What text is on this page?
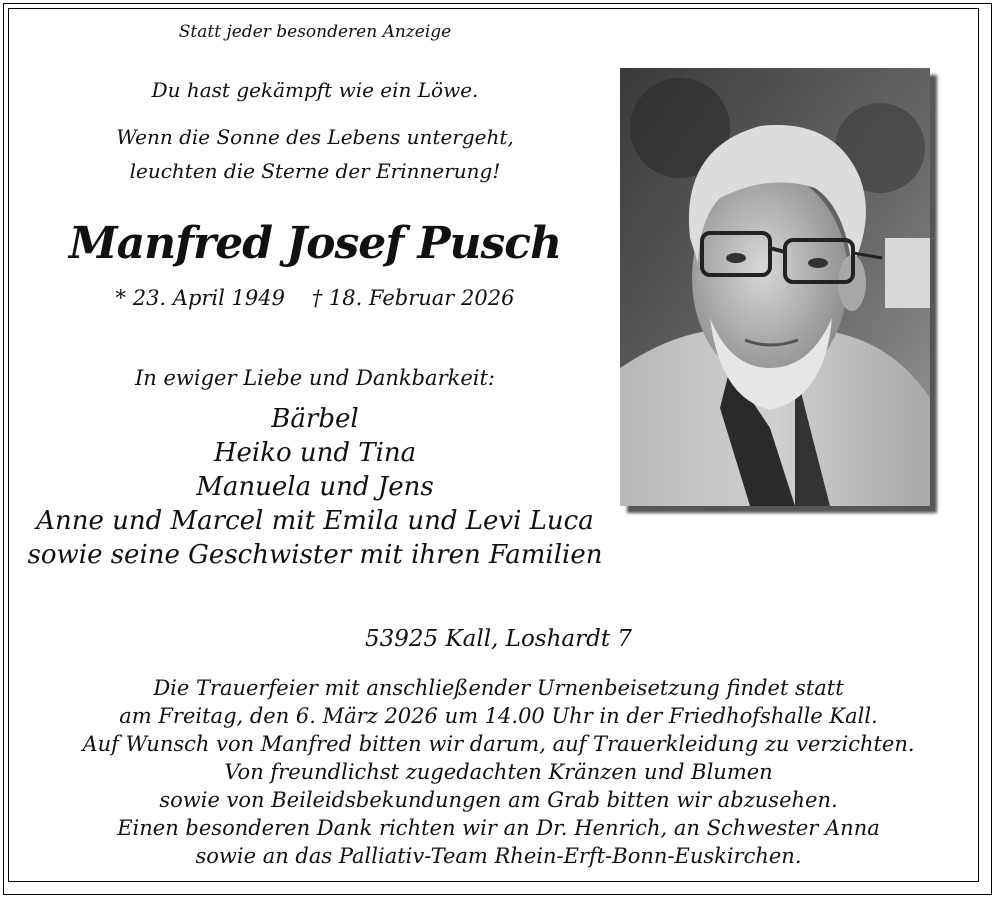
Statt jeder besonderen Anzeige
Du hast gekämpft wie ein Löwe.
Wenn die Sonne des Lebens untergeht,
leuchten die Sterne der Erinnerung!
Manfred Josef Pusch
* 23. April 1949 † 18. Februar 2026
In ewiger Liebe und Dankbarkeit:
Bärbel
Heiko und Tina
Manuela und Jens
Anne und Marcel mit Emila und Levi Luca
sowie seine Geschwister mit ihren Familien
53925 Kall, Loshardt 7
Die Trauerfeier mit anschließender Urnenbeisetzung findet statt
am Freitag, den 6. März 2026 um 14.00 Uhr in der Friedhofshalle Kall.
Auf Wunsch von Manfred bitten wir darum, auf Trauerkleidung zu verzichten.
Von freundlichst zugedachten Kränzen und Blumen
sowie von Beileidsbekundungen am Grab bitten wir abzusehen.
Einen besonderen Dank richten wir an Dr. Henrich, an Schwester Anna
sowie an das Palliativ-Team Rhein-Erft-Bonn-Euskirchen.
